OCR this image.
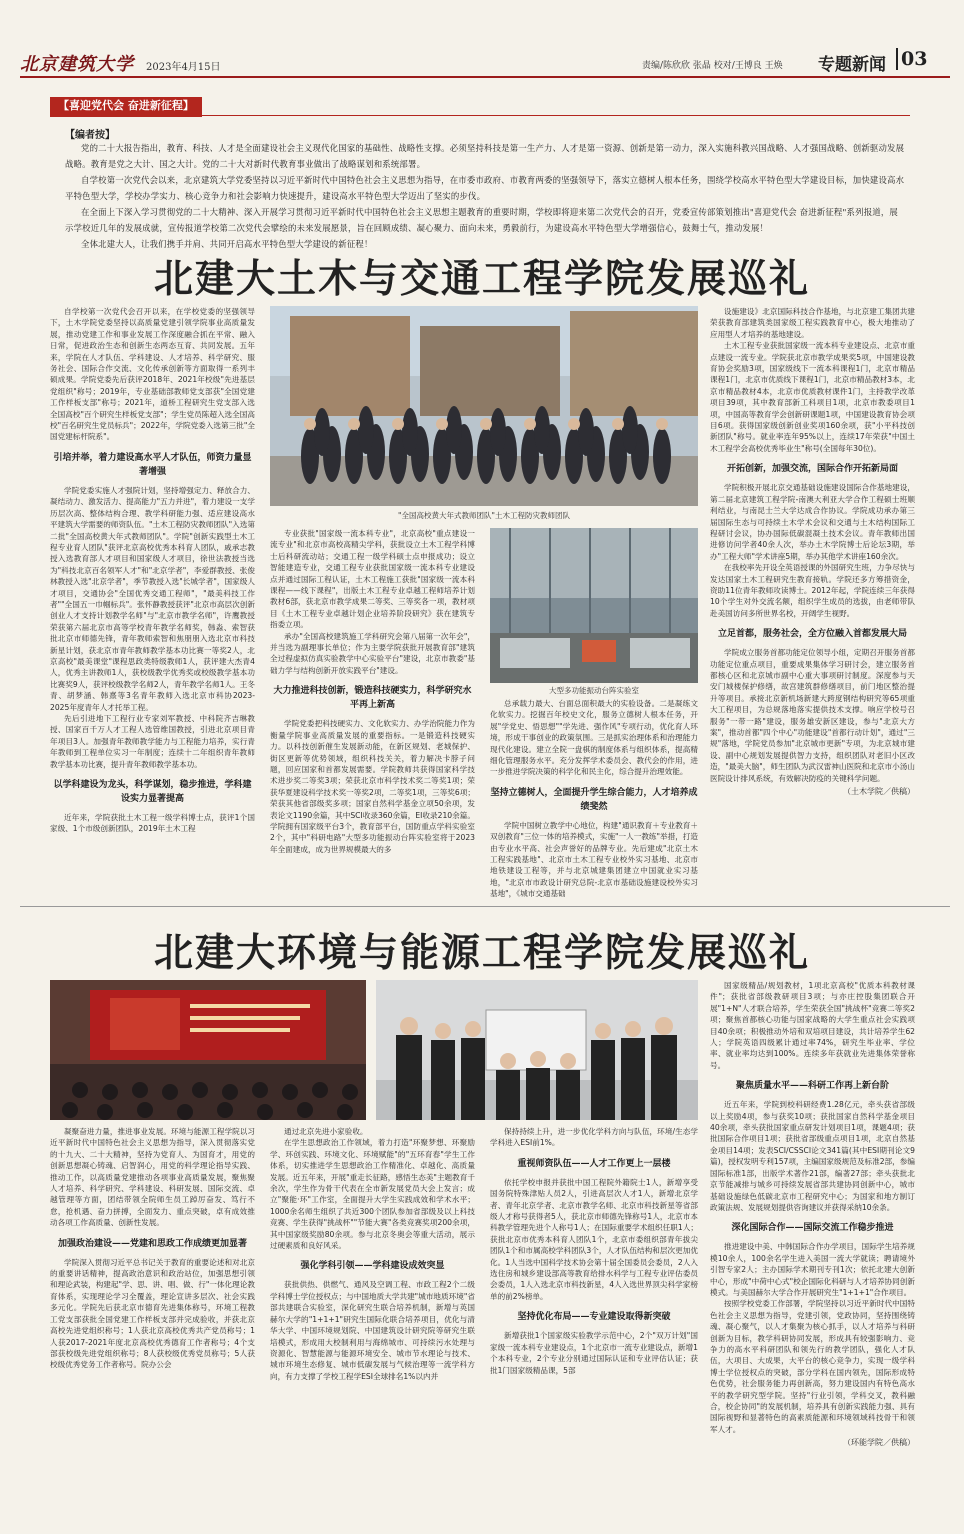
北京建筑大学 2023年4月15日	责编/陈欣欣 张晶 校对/王博良 王焕 专题新闻 03
【喜迎党代会 奋进新征程】
【编者按】

党的二十大报告指出，教育、科技、人才是全面建设社会主义现代化国家的基础性、战略性支撑。必须坚持科技是第一生产力、人才是第一资源、创新是第一动力，深入实施科教兴国战略、人才强国战略、创新驱动发展战略。教育是党之大计、国之大计。党的二十大对新时代教育事业做出了战略谋划和系统部署。

自学校第一次党代会以来，北京建筑大学党委坚持以习近平新时代中国特色社会主义思想为指导，在市委市政府、市教育两委的坚强领导下，落实立德树人根本任务，围绕学校高水平特色型大学建设目标，加快建设高水平特色型大学，学校办学实力、核心竞争力和社会影响力快速提升，建设高水平特色型大学迈出了坚实的步伐。

在全面上下深入学习贯彻党的二十大精神、深入开展学习贯彻习近平新时代中国特色社会主义思想主题教育的重要时期，学校即将迎来第二次党代会的召开，党委宣传部策划推出"喜迎党代会 奋进新征程"系列报道，展示学校近几年的发展成就，宣传报道学校第二次党代会擘绘的未来发展愿景，旨在回顾成绩、凝心聚力、面向未来，勇毅前行，为建设高水平特色型大学增强信心，鼓舞士气，推动发展！

全体北建大人，让我们携手并肩、共同开启高水平特色型大学建设的新征程！

北建大土木与交通工程学院发展巡礼

自学校第一次党代会召开以来，在学校党委的坚强领导下，土木学院党委坚持以高质量党建引领学院事业高质量发展，推动党建工作和事业发展工作深度融合抓在平常、融入日常，促进政治生态和创新生态两态互育、共同发展。五年来，学院在人才队伍、学科建设、人才培养、科学研究、服务社会、国际合作交流、文化传承创新等方面取得一系列丰硕成果。学院党委先后获评2018年、2021年校级"先进基层党组织"称号；2019年，专业基础部教师党支部获"全国党建工作样板支部"称号；2021年，道桥工程研究生党支部入选全国高校"百个研究生样板党支部"；学生党员陈超入选全国高校"百名研究生党员标兵"；2022年，学院党委入选第三批"全国党建标杆院系"。

引培并举，着力建设高水平人才队伍，师资力量显著增强

学院党委实施人才强院计划，坚持增强定力、释放合力、凝结动力、激发活力、提高能力"五力并进"，着力建设一支学历层次高、整体结构合理、教学科研能力强、适应建设高水平建筑大学需要的师资队伍。"土木工程防灾教师团队"入选第二批"全国高校黄大年式教师团队"。学院"创新实践型土木工程专业育人团队"获评北京高校优秀本科育人团队，戚承志教授入选教育部人才项目和国家级人才项目，徐世法教授当选为"科技北京百名领军人才"和"北京学者"，李爱群教授、张俊林教授入选"北京学者"，季节教授入选"长城学者"，国家级人才项目，交通协会"全国优秀交通工程师"，"最美科技工作者""全国五一巾帼标兵"。张怀静教授获评"北京市高层次创新创业人才支持计划教学名师"与"北京市教学名师"，许鹰教授荣获第六届北京市高等学校青年教学名师奖，韩淼、索智获批北京市师德先锋，青年教师索智和焦朋朋入选北京市科技新星计划，获北京市青年教师教学基本功比赛一等奖2人，北京高校"最美课堂"课程思政类特级教师1人，获评建大杰青4人，优秀主讲教师1人，获校级教学优秀奖或校级教学基本功比赛奖9人，获评校级教学名师2人，青年教学名师1人。王冬青、胡梦涵、韩熹等3名青年教师入选北京市科协2023-2025年度青年人才托举工程。

先后引进地下工程行业专家刘军教授、中科院齐吉琳教授、国家百千万人才工程人选管维国教授，引进北京项目青年项目3人。加强青年教师教学能力与工程能力培养，实行青年教师到工程单位实习一年制度；连续十二年组织青年教师教学基本功比赛，提升青年教师教学基本功。

以学科建设为龙头，科学谋划，稳步推进，学科建设实力显著提高

近年来，学院获批土木工程一级学科博士点，获评1个国家级、1个市级创新团队，2019年土木工程

"全国高校黄大年式教师团队"土木工程防灾教师团队
大型多功能振动台阵实验室

专业获批"国家级一流本科专业"，北京高校"重点建设一流专业"和北京市高校高精尖学科，获批设立土木工程学科博士后科研流动站；交通工程一级学科硕士点申报成功；设立智能建造专业，交通工程专业获批国家级一流本科专业建设点并通过国际工程认证，土木工程施工获批"国家级一流本科课程——线下课程"，出版土木工程专业卓越工程师培养计划教材6部，获北京市教学成果二等奖、三等奖各一项，教材项目《土木工程专业卓越计划企业培养阶段研究》获在建筑专指委立项。

承办"全国高校建筑施工学科研究会第八届第一次年会"，并当选为副理事长单位；作为主要学院获批开展教育部"建筑全过程虚拟仿真实验教学中心实验平台"建设，北京市教委"基础力学与结构创新开放实践平台"建设。

大力推进科技创新，锻造科技硬实力，科学研究水平再上新高

学院党委把科技硬实力、文化软实力、办学治院能力作为衡量学院事业高质量发展的重要指标。一是锻造科技硬实力。以科技创新催生发展新动能，在新区规划、老城保护、街区更新等优势领域，组织科技关关，着力解决卡脖子问题，回应国家和首都发展需要。学院教师共获得国家科学技术进步奖二等奖3项；荣获北京市科学技术奖二等奖1项；荣获华夏建设科学技术奖一等奖2项，二等奖1项，三等奖6项；荣获其他省部级奖多项；国家自然科学基金立项50余项，发表论文1190余篇，其中SCI收录360余篇，EI收录210余篇。学院拥有国家级平台3个，教育部平台，国防重点学科实验室2个，其中"科研电路"大型多功能振动台阵实验室将于2023年全面建成，成为世界规模最大的多

总承载力最大、台面总面积最大的实验设备。二是凝练文化软实力。挖掘百年校史文化，服务立德树人根本任务，开展"学党史、悟思想""学先进、强作风"专项行动，优化育人环境，形成干事创业的政策氛围。三是抓实治理体系和治理能力现代化建设。建立全院一盘棋的制度体系与组织体系，提高精细化管理服务水平。充分发挥学术委员会、教代会的作用，进一步推进学院决策的科学化和民主化，综合提升治理效能。

坚持立德树人，全面提升学生综合能力，人才培养成绩斐然

学院中国树立教学中心地位，构建"通识教育＋专业教育＋双创教育"三位一体的培养模式，实施"一人一教练"举措，打造由专业水平高、社会声誉好的品牌专业。先后建成"北京土木工程实践基地"、北京市土木工程专业校外实习基地、北京市地铁建设工程等，并与北京城建集团建立中国就业实习基地，"北京市市政设计研究总院-北京市基础设施建设校外实习基地"，《城市交通基础

设施建设》北京国际科技合作基地，与北京建工集团共建荣获教育部建筑类国家级工程实践教育中心，极大地推动了应用型人才培养的基地建设。

土木工程专业获批国家级一流本科专业建设点、北京市重点建设一流专业。学院获北京市教学成果奖5项，中国建设教育协会奖励3项，国家级线下一流本科课程1门，北京市精品课程1门，北京市优质线下课程1门，北京市精品教材3本，北京市精品教材4本，北京市优质教材课件1门，主持教学改革项目39项，其中教育部新工科项目1项，北京市教委项目1项，中国高等教育学会创新研课题1项，中国建设教育协会项目6项。获得国家级创新创业奖项160余项，获"小平科技创新团队"称号。就业率连年95%以上，连续17年荣获"中国土木工程学会高校优秀毕业生"称号(全国每年30位)。

开拓创新，加强交流，国际合作开拓新局面

学院积极开展北京交通基础设施建设国际合作基地建设，第二届北京建筑工程学院-南澳大利亚大学合作工程硕士班顺利结业，与南昆士兰大学达成合作协议。学院成功承办第三届国际生态与可持续土木学术会议和交通与土木结构国际工程研讨会议，协办国际低碳混凝土技术会议。青年教师出国进修访问学者40余人次，举办土木学院博士后论坛3期，举办"工程大师"学术讲座5期，举办其他学术讲座160余次。

在我校率先开设全英语授课的外国研究生班，力争尽快与发达国家土木工程研究生教育接轨。学院还多方筹措资金，资助11位青年教师攻读博士。2012年起，学院连续三年获得10个学生对外交流名额，组织学生成员的选拔，由老师带队赴美国访问多所世界名校，开阔学生视野。

立足首都，服务社会，全方位融入首都发展大局

学院成立服务首都功能定位领导小组，定期召开服务首都功能定位重点项目，重要成果集体学习研讨会，建立服务首都核心区和北京城市副中心重大事项研讨制度。深度参与天安门城楼保护修缮，故宫建筑群修缮项目，前门地区整治提升等项目。承接北京新机场新建大跨度钢结构研究等65项重大工程项目，为总规落地落实提供技术支撑。响应学校号召服务"一带一路"建设，服务雄安新区建设，参与"北京大方案"，推动首都"四个中心"功能建设"首都行动计划"，通过"三规"落地，学院党员参加"北京城市更新"专项，为北京城市建设、副中心规划发展提供智力支持，组织团队对老旧小区改造，"最美大脑"，师生团队为武汉雷神山医院和北京市小汤山医院设计排风系统，有效解决防疫的关键科学问题。

（土木学院／供稿）
北建大环境与能源工程学院发展巡礼

凝聚奋进力量，推进事业发展。环境与能源工程学院以习近平新时代中国特色社会主义思想为指导，深入贯彻落实党的十九大、二十大精神，坚持为党育人、为国育才，用党的创新思想凝心铸魂、启智润心，用党的科学理论指导实践、推动工作，以高质量党建推动各项事业高质量发展，聚焦聚人才培养、科学研究、学科建设、科研发展、国际交流、卓越管理等方面，团结带领全院师生员工踔厉奋发、笃行不怠，抢机遇、奋力拼搏，全面发力、重点突破，卓有成效推动各项工作高质量、创新性发展。

加强政治建设——党建和思政工作成绩更加显著

学院深入贯彻习近平总书记关于教育的重要论述和对北京的重要讲话精神，提高政治意识和政治站位，加强思想引领和理论武装，构建起"学、思、讲、唱、做、行"一体化理论教育体系，实现理论学习全覆盖，理论宣讲多层次、社会实践多元化。学院先后获北京市德育先进集体称号，环境工程教工党支部获批全国党建工作样板支部并完成验收，并获北京高校先进党组织称号；1人获北京高校优秀共产党员称号；1人获2017-2021年度北京高校优秀德育工作者称号；4个支部获校级先进党组织称号；8人获校级优秀党员称号；5人获校级优秀党务工作者称号。院办公会

通过北京先进小家验收。

在学生思想政治工作领域，着力打造"环聚梦想、环聚励学、环创实践、环境文化、环境赋能"的"五环育春"学生工作体系，切实推进学生思想政治工作精准化、卓越化、高质量发展。近五年来，开展"重走长征路，感悟生态美"主题教育千余次，学生作为骨干代表在全市新发展党员大会上发言；成立"聚能·环"工作室，全面提升大学生实践成效和学术水平；1000余名师生组织了共近300个团队参加省部级及以上科技竞赛、学生获得"挑战杯""节能大赛"各类竞赛奖项200余项，其中国家级奖励80余项。参与北京冬奥会等重大活动，展示过硬素质和良好风采。

强化学科引领——学科建设成效突显

获批供热、供燃气、通风及空调工程、市政工程2个二级学科博士学位授权点；与中国地质大学共建"城市地质环境"省部共建联合实验室，深化研究生联合培养机制，新增与英国赫尔大学的"1+1+1"研究生国际化联合培养项目，优化与清华大学、中国环境规划院、中国建筑设计研究院等研究生联培模式，形成用大校制利用与海绵城市、可持续污水处理与资源化、智慧能源与能源环境安全、城市节水理论与技术、城市环境生态修复、城市低碳发展与气候治理等一流学科方向，有力支撑了学校工程学ESI全球排名1%以内并

保持持续上升，进一步优化学科方向与队伍，环境/生态学学科进入ESI前1%。

重视师资队伍——人才工作更上一层楼

依托学校申报并获批中国工程院外籍院士1人，新增享受国务院特殊津贴人员2人，引进高层次人才1人，新增北京学者、青年北京学者、北京市教学名师、北京市科技新星等省部级人才称号获得者5人，获北京市师德先锋称号1人，北京市本科教学管理先进个人称号1人；在国际重要学术组织任职1人；获批北京市优秀本科育人团队1个，北京市委组织部青年拔尖团队1个和市属高校学科团队3个，人才队伍结构和层次更加优化。1人当选中国科学技术协会第十届全国委员会委员，2人入选住房和城乡建设部高等教育给排水科学与工程专业评估委员会委员，1人入选北京市科技新星，4人入选世界顶尖科学家榜单的前2%榜单。

坚持优化布局——专业建设取得新突破

新增获批1个国家级实验教学示范中心，2个"双万计划"国家级一流本科专业建设点，1个北京市一流专业建设点，新增1个本科专业，2个专业分别通过国际认证和专业评估认证；获批1门国家级精品课，5部

国家级精品/规划教材，1项北京高校"优质本科教材课件"；获批省部级教研项目3项；与亦庄控股集团联合开展"1+N"人才联合培养，学生荣获全国"挑战杯"竞赛二等奖2项；聚焦首都核心功能与国家战略的大学生重点社会实践项目40余项；积极推动外培和双培项目建设，共计培养学生62人；学院英语四级累计通过率74%，研究生毕业率、学位率、就业率均达到100%。连续多年获就业先进集体荣誉称号。

聚焦质量水平——科研工作再上新台阶

近五年来，学院到校科研经费1.28亿元，牵头获省部级以上奖励4项，参与获奖10项；获批国家自然科学基金项目40余项，牵头获批国家重点研发计划项目1项，课题4项；获批国际合作项目1项；获批省部级重点项目1项，北京自然基金项目14项；发表SCI/CSSCI论文341篇(其中ESI期刊论文9篇)，授权发明专利157项，主编国家级规范及标准2部，参编国际标准1部，出版学术著作21部，编著27部；牵头获批北京节能减排与城乡可持续发展省部共建协同创新中心，城市基础设施绿色低碳北京市工程研究中心；为国家和地方制订政策法规、发展规划提供咨询建议并获得采纳10余条。

深化国际合作——国际交流工作稳步推进

推进建设中美、中韩国际合作办学项目，国际学生培养规模10余人，100余名学生进入美国一流大学就读；聘请境外引智专家2人；主办国际学术期刊专刊1次；依托北建大创新中心，形成"中荷中心式"校企国际化科研与人才培养协同创新模式。与美国赫尔大学合作开展研究生"1+1+1"合作项目。

按照学校党委工作部署，学院坚持以习近平新时代中国特色社会主义思想为指导，党建引领，党政协同，坚持围绕铸魂、凝心聚气，以人才集聚为核心抓手，以人才培养与科研创新为目标，教学科研协同发展，形成具有较强影响力、竞争力的高水平科研团队和领先行的教学团队，强化人才队伍，大项目、大成果，大平台的核心竞争力，实现一级学科博士学位授权点的突破，部分学科在国内领先，国际形成特色优势，社会服务能力再创新高，努力建设国内有特色高水平的教学研究型学院。坚持"行业引领，学科交叉，教科融合，校企协同"的发展机制，培养具有创新实践能力强、具有国际视野和显著特色的高素质能源和环境领域科技骨干和领军人才。

（环能学院／供稿）
